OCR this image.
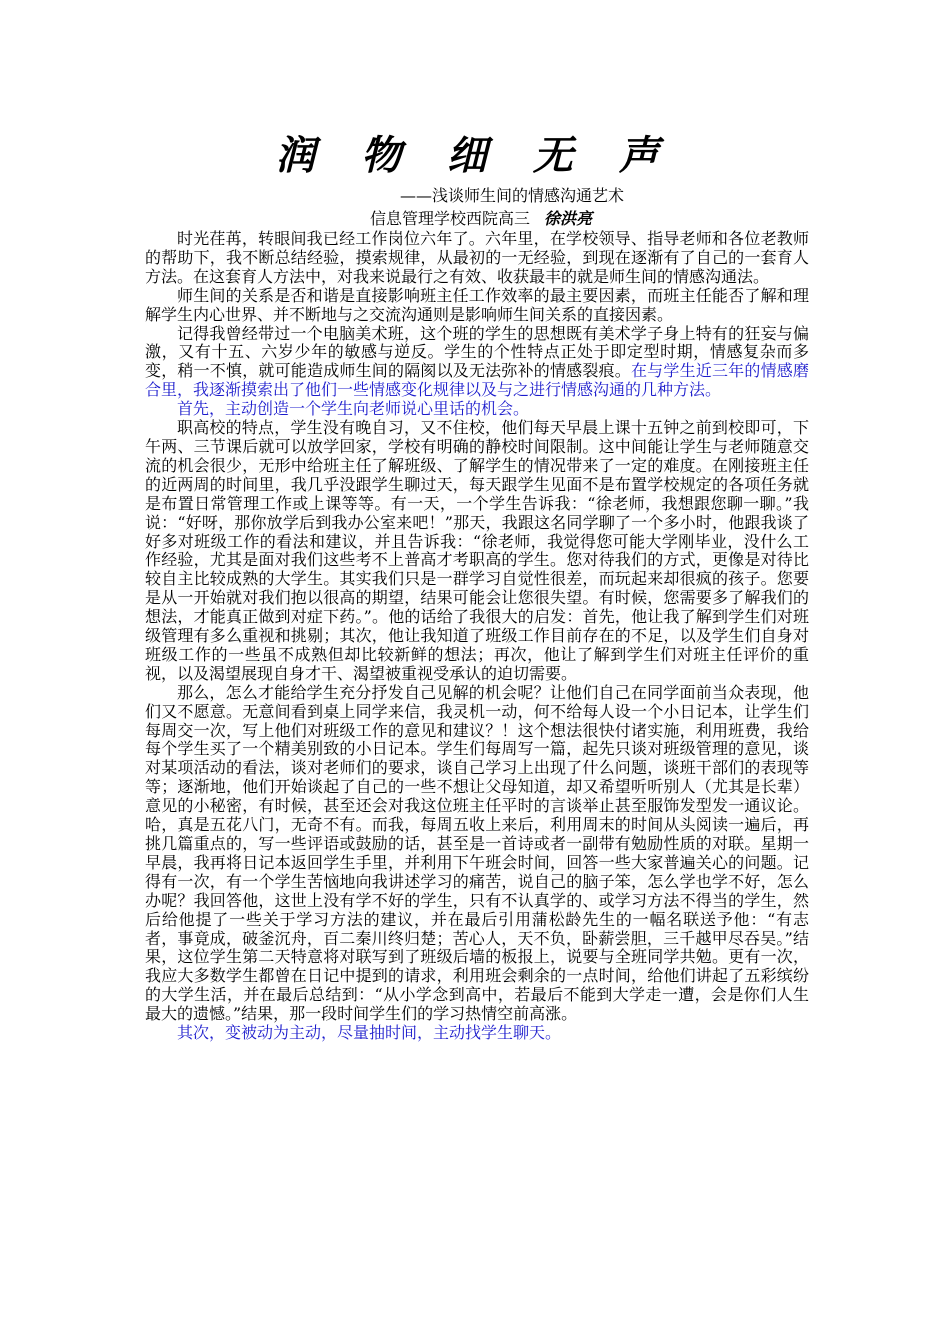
润 物 细 无 声
——浅谈师生间的情感沟通艺术
信息管理学校西院高三 徐洪亮

时光荏苒，转眼间我已经工作岗位六年了。六年里，在学校领导、指导老师和各位老教师的帮助下，我不断总结经验，摸索规律，从最初的一无经验，到现在逐渐有了自己的一套育人方法。在这套育人方法中，对我来说最行之有效、收获最丰的就是师生间的情感沟通法。

师生间的关系是否和谐是直接影响班主任工作效率的最主要因素，而班主任能否了解和理解学生内心世界、并不断地与之交流沟通则是影响师生间关系的直接因素。

记得我曾经带过一个电脑美术班，这个班的学生的思想既有美术学子身上特有的狂妄与偏激，又有十五、六岁少年的敏感与逆反。学生的个性特点正处于即定型时期，情感复杂而多变，稍一不慎，就可能造成师生间的隔阂以及无法弥补的情感裂痕。在与学生近三年的情感磨合里，我逐渐摸索出了他们一些情感变化规律以及与之进行情感沟通的几种方法。

首先，主动创造一个学生向老师说心里话的机会。

职高校的特点，学生没有晚自习，又不住校，他们每天早晨上课十五钟之前到校即可，下午两、三节课后就可以放学回家，学校有明确的静校时间限制。这中间能让学生与老师随意交流的机会很少，无形中给班主任了解班级、了解学生的情况带来了一定的难度。在刚接班主任的近两周的时间里，我几乎没跟学生聊过天，每天跟学生见面不是布置学校规定的各项任务就是布置日常管理工作或上课等等。有一天，一个学生告诉我：“徐老师，我想跟您聊一聊。”我说：“好呀，那你放学后到我办公室来吧！”那天，我跟这名同学聊了一个多小时，他跟我谈了好多对班级工作的看法和建议，并且告诉我：“徐老师，我觉得您可能大学刚毕业，没什么工作经验，尤其是面对我们这些考不上普高才考职高的学生。您对待我们的方式，更像是对待比较自主比较成熟的大学生。其实我们只是一群学习自觉性很差，而玩起来却很疯的孩子。您要是从一开始就对我们抱以很高的期望，结果可能会让您很失望。有时候，您需要多了解我们的想法，才能真正做到对症下药。”。他的话给了我很大的启发：首先，他让我了解到学生们对班级管理有多么重视和挑剔；其次，他让我知道了班级工作目前存在的不足，以及学生们自身对班级工作的一些虽不成熟但却比较新鲜的想法；再次，他让了解到学生们对班主任评价的重视，以及渴望展现自身才干、渴望被重视受承认的迫切需要。

那么，怎么才能给学生充分抒发自己见解的机会呢？让他们自己在同学面前当众表现，他们又不愿意。无意间看到桌上同学来信，我灵机一动，何不给每人设一个小日记本，让学生们每周交一次，写上他们对班级工作的意见和建议？！这个想法很快付诸实施，利用班费，我给每个学生买了一个精美别致的小日记本。学生们每周写一篇，起先只谈对班级管理的意见，谈对某项活动的看法，谈对老师们的要求，谈自己学习上出现了什么问题，谈班干部们的表现等等；逐渐地，他们开始谈起了自己的一些不想让父母知道，却又希望听听别人（尤其是长辈）意见的小秘密，有时候，甚至还会对我这位班主任平时的言谈举止甚至服饰发型发一通议论。哈，真是五花八门，无奇不有。而我，每周五收上来后，利用周末的时间从头阅读一遍后，再挑几篇重点的，写一些评语或鼓励的话，甚至是一首诗或者一副带有勉励性质的对联。星期一早晨，我再将日记本返回学生手里，并利用下午班会时间，回答一些大家普遍关心的问题。记得有一次，有一个学生苦恼地向我讲述学习的痛苦，说自己的脑子笨，怎么学也学不好，怎么办呢？我回答他，这世上没有学不好的学生，只有不认真学的、或学习方法不得当的学生，然后给他提了一些关于学习方法的建议，并在最后引用蒲松龄先生的一幅名联送予他：“有志者，事竟成，破釜沉舟，百二秦川终归楚；苦心人，天不负，卧薪尝胆，三千越甲尽吞吴。”结果，这位学生第二天特意将对联写到了班级后墙的板报上，说要与全班同学共勉。更有一次，我应大多数学生都曾在日记中提到的请求，利用班会剩余的一点时间，给他们讲起了五彩缤纷的大学生活，并在最后总结到：“从小学念到高中，若最后不能到大学走一遭，会是你们人生最大的遗憾。”结果，那一段时间学生们的学习热情空前高涨。

其次，变被动为主动，尽量抽时间，主动找学生聊天。
